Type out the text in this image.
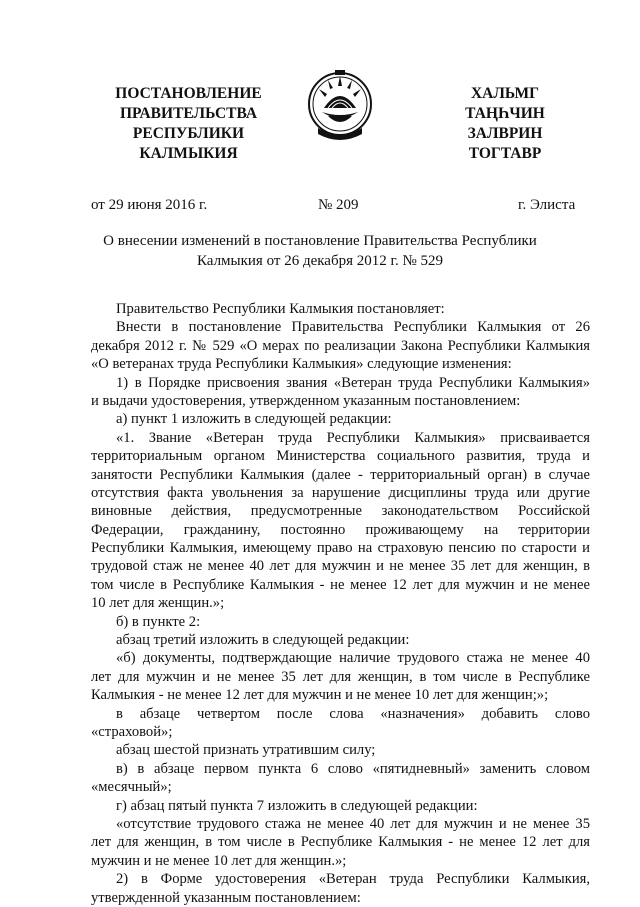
ПОСТАНОВЛЕНИЕ
ПРАВИТЕЛЬСТВА
РЕСПУБЛИКИ
КАЛМЫКИЯ
ХАЛЬМГ
ТАҢҺЧИН
ЗАЛВРИН
ТОГТАВР
от 29 июня 2016 г.	№ 209	г. Элиста
О внесении изменений в постановление Правительства Республики
Калмыкия от 26 декабря 2012 г. № 529
Правительство Республики Калмыкия постановляет:
Внести в постановление Правительства Республики Калмыкия от 26
декабря 2012 г. № 529 «О мерах по реализации Закона Республики Калмыкия
«О ветеранах труда Республики Калмыкия» следующие изменения:
1) в Порядке присвоения звания «Ветеран труда Республики Калмыкия»
и выдачи удостоверения, утвержденном указанным постановлением:
а) пункт 1 изложить в следующей редакции:
«1. Звание «Ветеран труда Республики Калмыкия» присваивается
территориальным органом Министерства социального развития, труда и
занятости Республики Калмыкия (далее - территориальный орган) в случае
отсутствия факта увольнения за нарушение дисциплины труда или другие
виновные действия, предусмотренные законодательством Российской
Федерации, гражданину, постоянно проживающему на территории
Республики Калмыкия, имеющему право на страховую пенсию по старости и
трудовой стаж не менее 40 лет для мужчин и не менее 35 лет для женщин, в
том числе в Республике Калмыкия - не менее 12 лет для мужчин и не менее
10 лет для женщин.»;
б) в пункте 2:
абзац третий изложить в следующей редакции:
«б) документы, подтверждающие наличие трудового стажа не менее 40
лет для мужчин и не менее 35 лет для женщин, в том числе в Республике
Калмыкия - не менее 12 лет для мужчин и не менее 10 лет для женщин;»;
в абзаце четвертом после слова «назначения» добавить слово
«страховой»;
абзац шестой признать утратившим силу;
в) в абзаце первом пункта 6 слово «пятидневный» заменить словом
«месячный»;
г) абзац пятый пункта 7 изложить в следующей редакции:
«отсутствие трудового стажа не менее 40 лет для мужчин и не менее 35
лет для женщин, в том числе в Республике Калмыкия - не менее 12 лет для
мужчин и не менее 10 лет для женщин.»;
2) в Форме удостоверения «Ветеран труда Республики Калмыкия,
утвержденной указанным постановлением:
